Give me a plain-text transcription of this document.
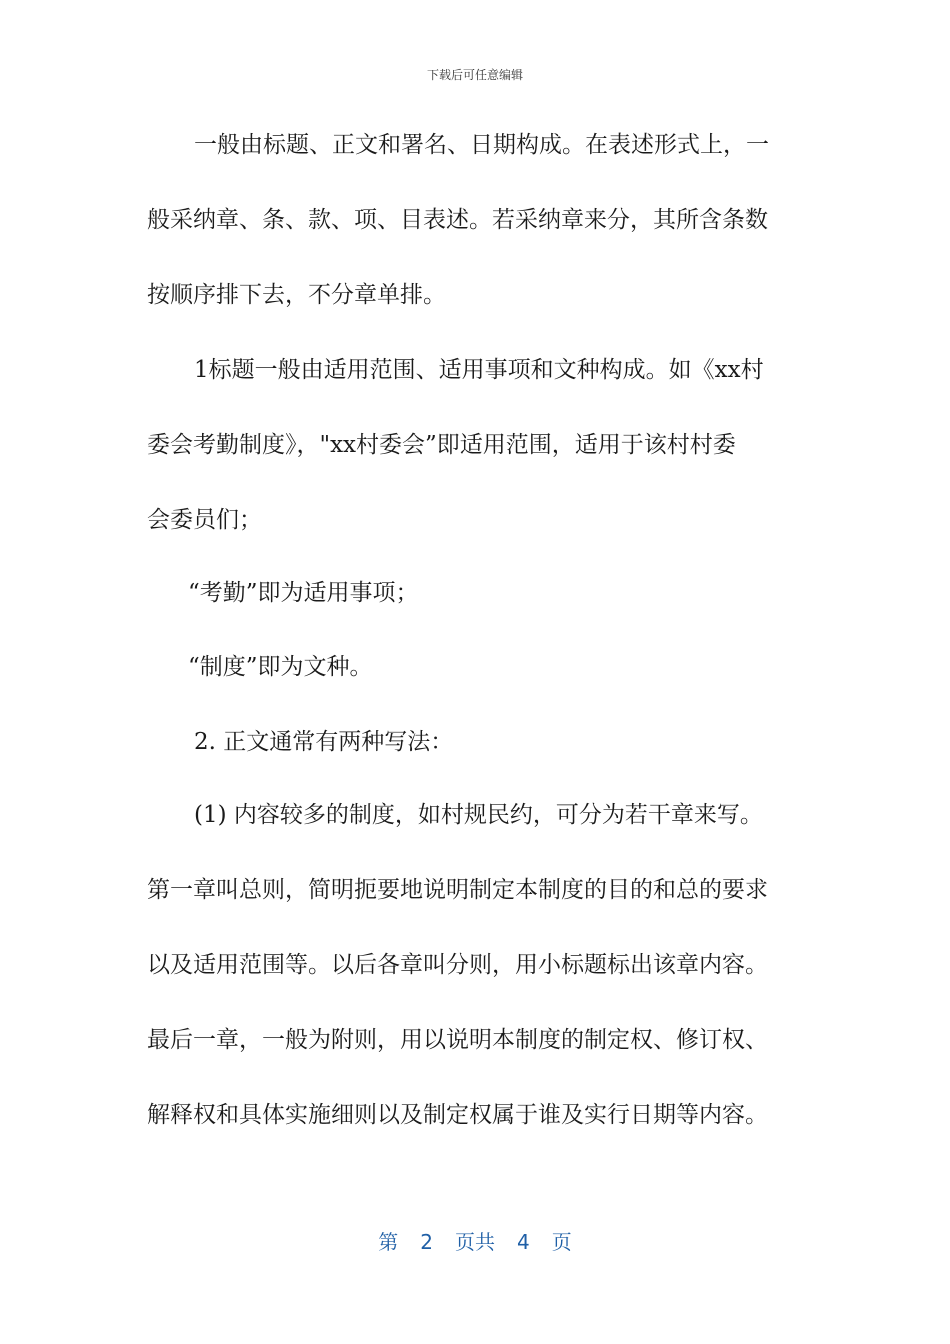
下载后可任意编辑
一般由标题、正文和署名、日期构成。在表述形式上，一
般采纳章、条、款、项、目表述。若采纳章来分，其所含条数
按顺序排下去，不分章单排。
1标题一般由适用范围、适用事项和文种构成。如《xx村
委会考勤制度》，"xx村委会”即适用范围，适用于该村村委
会委员们；
“考勤”即为适用事项；
“制度”即为文种。
2. 正文通常有两种写法：
(1) 内容较多的制度，如村规民约，可分为若干章来写。
第一章叫总则，简明扼要地说明制定本制度的目的和总的要求
以及适用范围等。以后各章叫分则，用小标题标出该章内容。
最后一章，一般为附则，用以说明本制度的制定权、修订权、
解释权和具体实施细则以及制定权属于谁及实行日期等内容。
第 2 页共 4 页
